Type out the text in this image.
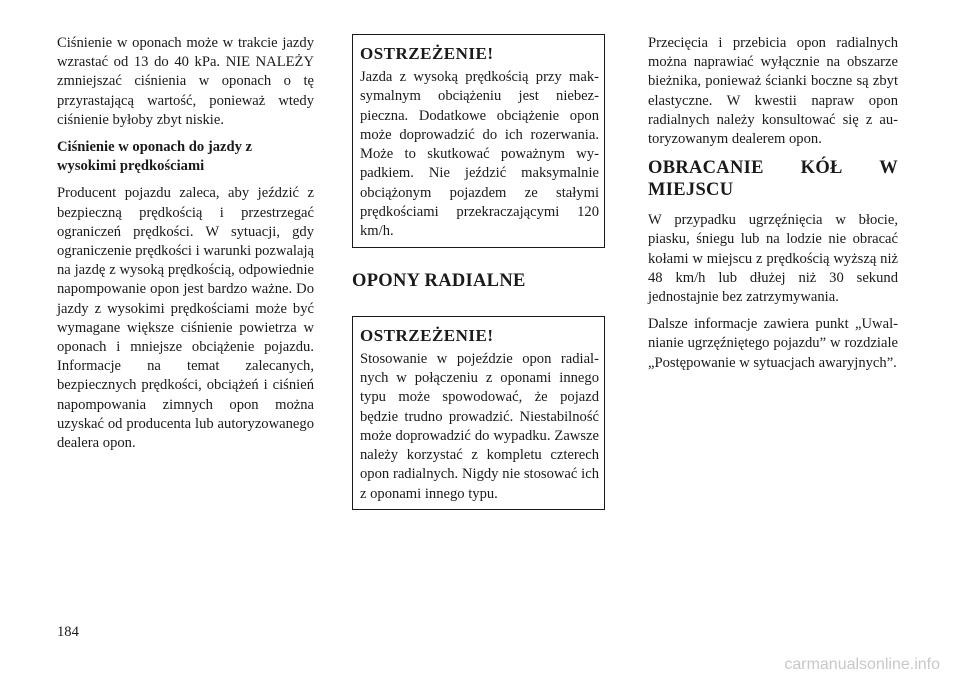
Ciśnienie w oponach może w trakcie jazdy wzrastać od 13 do 40 kPa. NIE NALEŻY zmniejszać ciśnienia w oponach o tę przyrastającą wartość, ponieważ wtedy ciśnienie byłoby zbyt niskie.

Ciśnienie w oponach do jazdy z wysokimi prędkościami

Producent pojazdu zaleca, aby jeździć z bezpieczną prędkością i przestrzegać ograniczeń prędkości. W sytuacji, gdy ograniczenie prędkości i warunki pozwalają na jazdę z wysoką prędkością, odpowiednie napompowanie opon jest bardzo ważne. Do jazdy z wysokimi prędkościami może być wymagane większe ciśnienie powietrza w oponach i mniejsze obciążenie pojazdu. Informacje na temat zalecanych, bezpiecznych prędkości, obciążeń i ciśnień napompowania zimnych opon można uzyskać od producenta lub autoryzowanego dealera opon.

OSTRZEŻENIE!
Jazda z wysoką prędkością przy maksymalnym obciążeniu jest niebezpieczna. Dodatkowe obciążenie opon może doprowadzić do ich rozerwania. Może to skutkować poważnym wypadkiem. Nie jeździć maksymalnie obciążonym pojazdem ze stałymi prędkościami przekraczającymi 120 km/h.
OPONY RADIALNE
OSTRZEŻENIE!
Stosowanie w pojeździe opon radialnych w połączeniu z oponami innego typu może spowodować, że pojazd będzie trudno prowadzić. Niestabilność może doprowadzić do wypadku. Zawsze należy korzystać z kompletu czterech opon radialnych. Nigdy nie stosować ich z oponami innego typu.

Przecięcia i przebicia opon radialnych można naprawiać wyłącznie na obszarze bieżnika, ponieważ ścianki boczne są zbyt elastyczne. W kwestii napraw opon radialnych należy konsultować się z autoryzowanym dealerem opon.

OBRACANIE KÓŁ W MIEJSCU

W przypadku ugrzęźnięcia w błocie, piasku, śniegu lub na lodzie nie obracać kołami w miejscu z prędkością wyższą niż 48 km/h lub dłużej niż 30 sekund jednostajnie bez zatrzymywania.

Dalsze informacje zawiera punkt „Uwalnianie ugrzęźniętego pojazdu” w rozdziale „Postępowanie w sytuacjach awaryjnych”.

184
carmanualsonline.info
